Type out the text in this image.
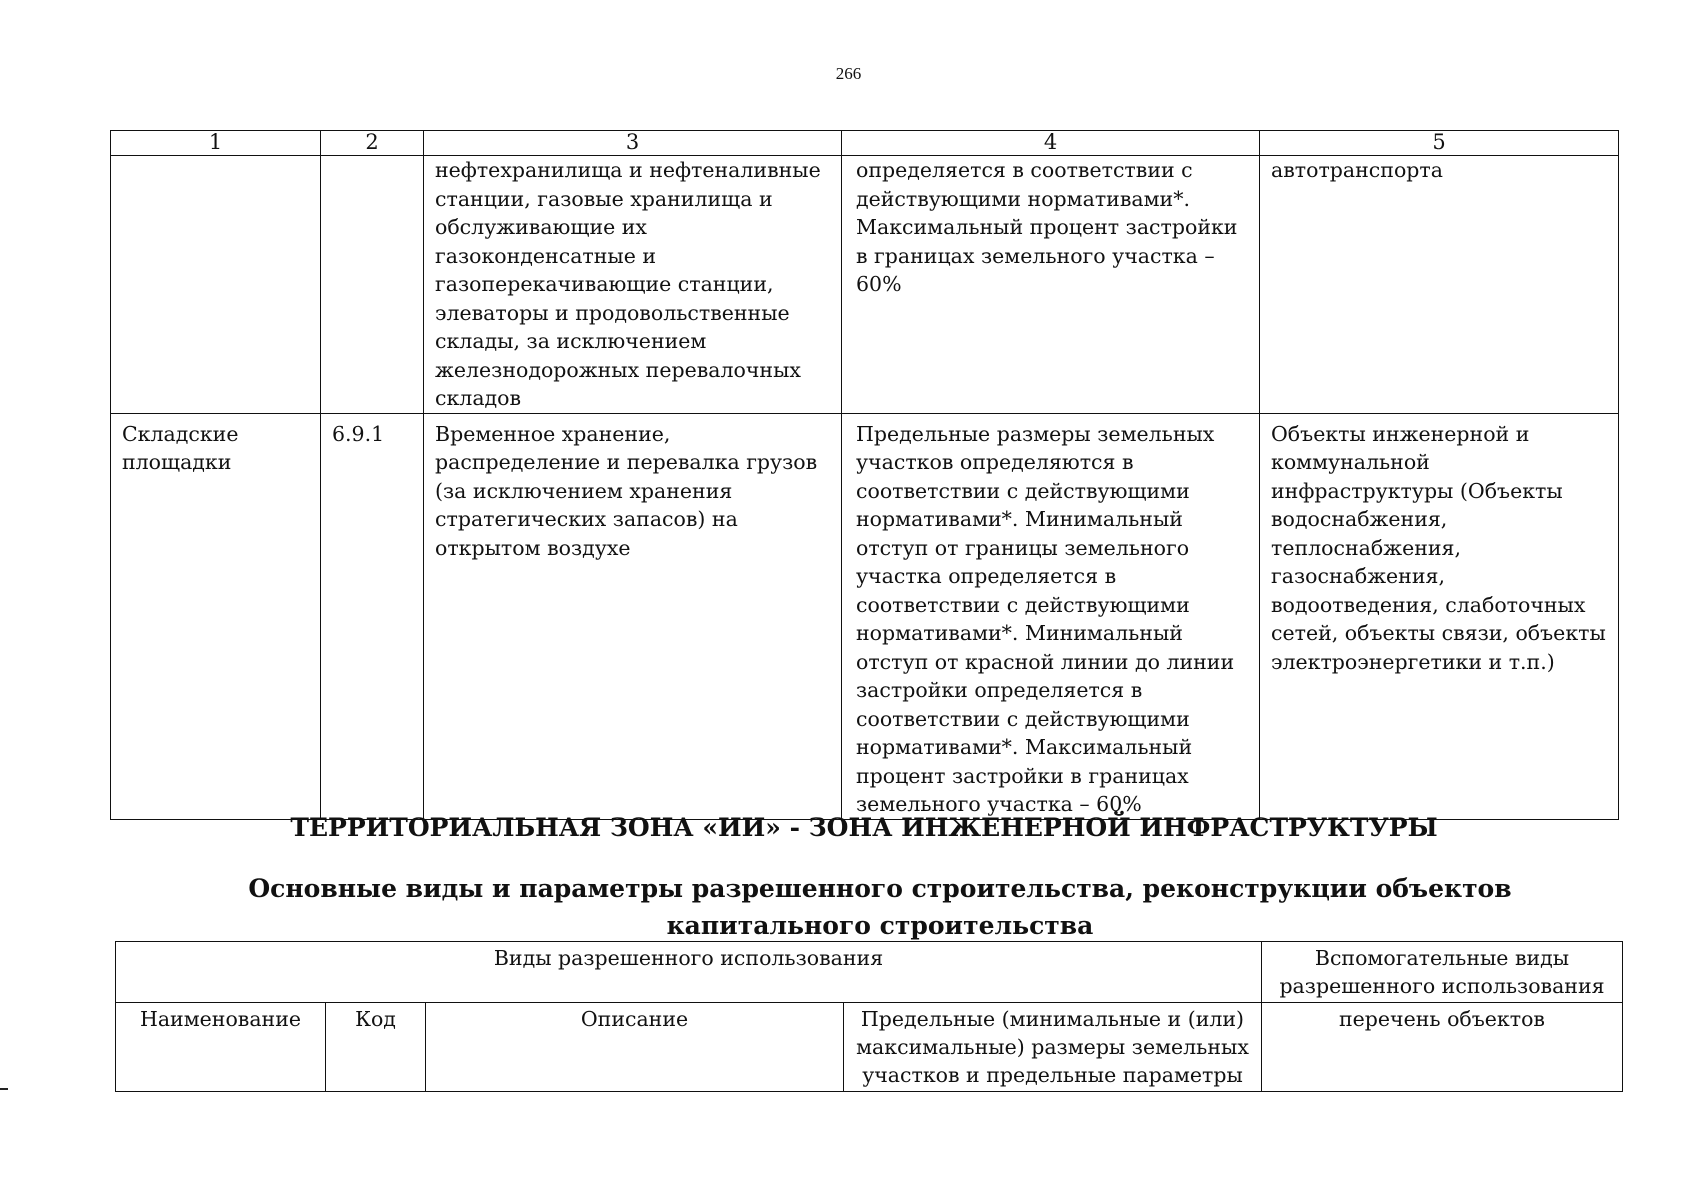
266
1	2	3	4	5
		нефтехранилища и нефтеналивные станции, газовые хранилища и обслуживающие их газоконденсатные и газоперекачивающие станции, элеваторы и продовольственные склады, за исключением железнодорожных перевалочных складов	определяется в соответствии с действующими нормативами*. Максимальный процент застройки в границах земельного участка – 60%	автотранспорта
Складские площадки	6.9.1	Временное хранение, распределение и перевалка грузов (за исключением хранения стратегических запасов) на открытом воздухе	Предельные размеры земельных участков определяются в соответствии с действующими нормативами*. Минимальный отступ от границы земельного участка определяется в соответствии с действующими нормативами*. Минимальный отступ от красной линии до линии застройки определяется в соответствии с действующими нормативами*. Максимальный процент застройки в границах земельного участка – 60%	Объекты инженерной и коммунальной инфраструктуры (Объекты водоснабжения, теплоснабжения, газоснабжения, водоотведения, слаботочных сетей, объекты связи, объекты электроэнергетики и т.п.)
ТЕРРИТОРИАЛЬНАЯ ЗОНА «ИИ» - ЗОНА ИНЖЕНЕРНОЙ ИНФРАСТРУКТУРЫ
Основные виды и параметры разрешенного строительства, реконструкции объектов капитального строительства
Виды разрешенного использования				Вспомогательные виды разрешенного использования
Наименование	Код	Описание	Предельные (минимальные и (или) максимальные) размеры земельных участков и предельные параметры	перечень объектов
